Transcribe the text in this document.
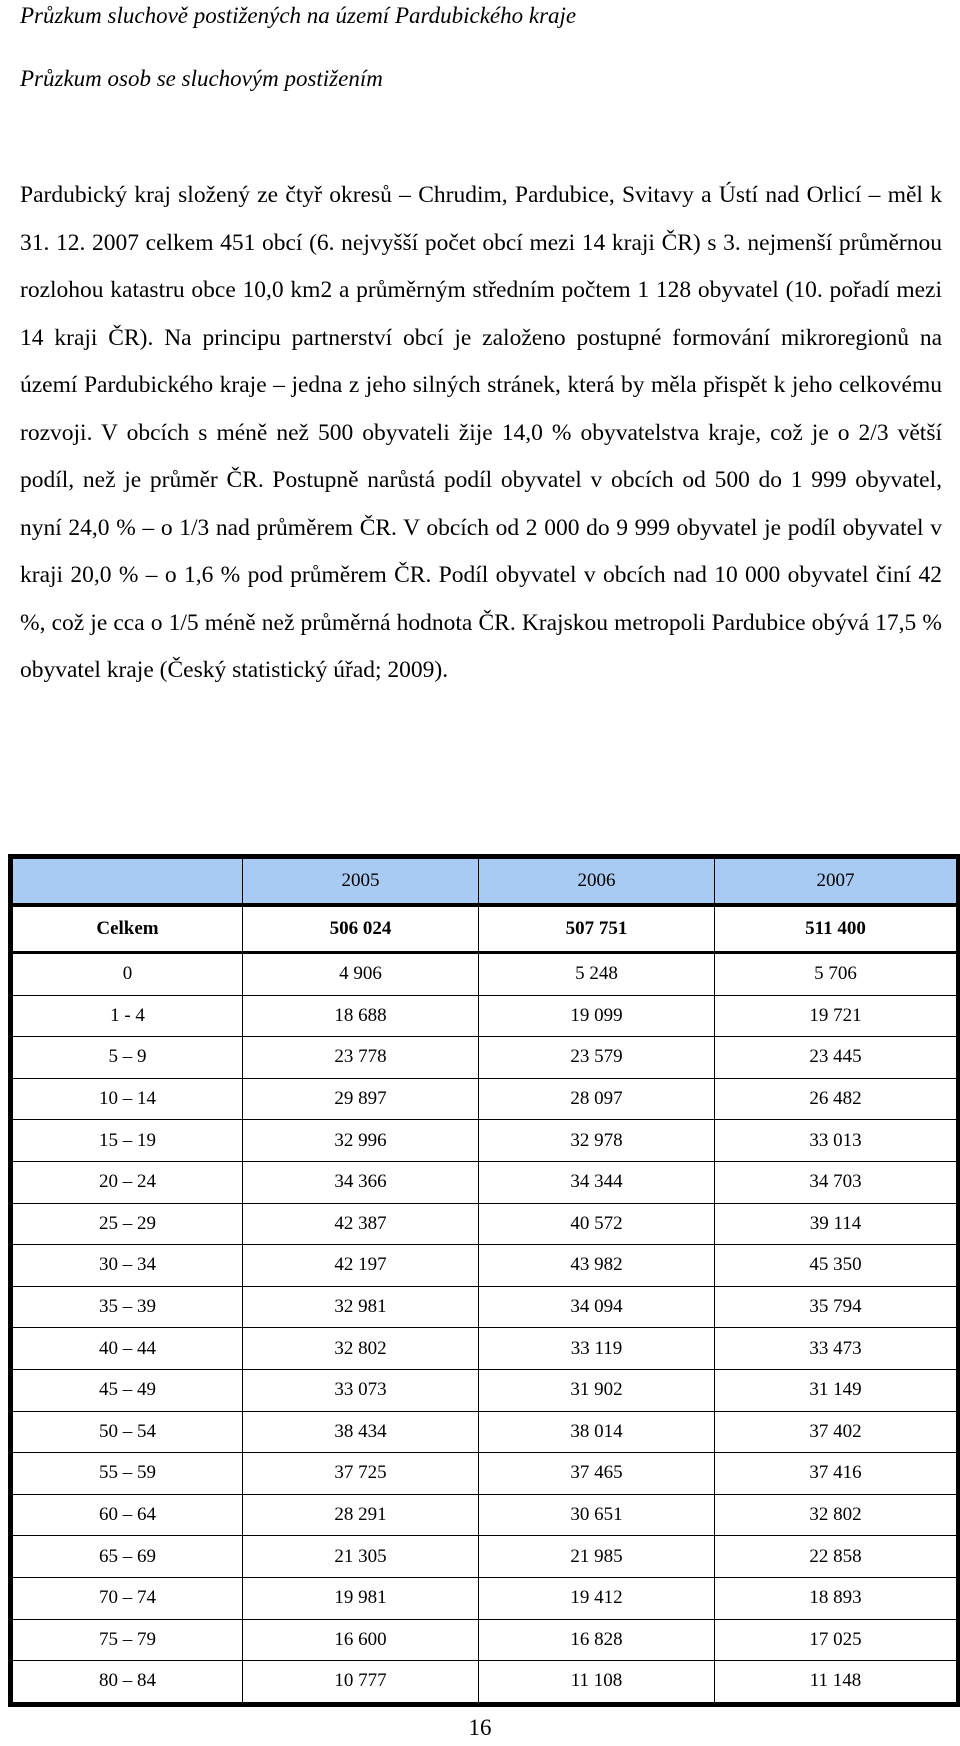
Průzkum sluchově postižených na území Pardubického kraje
Průzkum osob se sluchovým postižením

Pardubický kraj složený ze čtyř okresů – Chrudim, Pardubice, Svitavy a Ústí nad Orlicí – měl k 31. 12. 2007 celkem 451 obcí (6. nejvyšší počet obcí mezi 14 kraji ČR) s 3. nejmenší průměrnou rozlohou katastru obce 10,0 km2 a průměrným středním počtem 1 128 obyvatel (10. pořadí mezi 14 kraji ČR). Na principu partnerství obcí je založeno postupné formování mikroregionů na území Pardubického kraje – jedna z jeho silných stránek, která by měla přispět k jeho celkovému rozvoji. V obcích s méně než 500 obyvateli žije 14,0 % obyvatelstva kraje, což je o 2/3 větší podíl, než je průměr ČR. Postupně narůstá podíl obyvatel v obcích od 500 do 1 999 obyvatel, nyní 24,0 % – o 1/3 nad průměrem ČR. V obcích od 2 000 do 9 999 obyvatel je podíl obyvatel v kraji 20,0 % – o 1,6 % pod průměrem ČR. Podíl obyvatel v obcích nad 10 000 obyvatel činí 42 %, což je cca o 1/5 méně než průměrná hodnota ČR. Krajskou metropoli Pardubice obývá 17,5 % obyvatel kraje (Český statistický úřad; 2009).

	2005	2006	2007
Celkem	506 024	507 751	511 400
0	4 906	5 248	5 706
1 - 4	18 688	19 099	19 721
5 – 9	23 778	23 579	23 445
10 – 14	29 897	28 097	26 482
15 – 19	32 996	32 978	33 013
20 – 24	34 366	34 344	34 703
25 – 29	42 387	40 572	39 114
30 – 34	42 197	43 982	45 350
35 – 39	32 981	34 094	35 794
40 – 44	32 802	33 119	33 473
45 – 49	33 073	31 902	31 149
50 – 54	38 434	38 014	37 402
55 – 59	37 725	37 465	37 416
60 – 64	28 291	30 651	32 802
65 – 69	21 305	21 985	22 858
70 – 74	19 981	19 412	18 893
75 – 79	16 600	16 828	17 025
80 – 84	10 777	11 108	11 148
16
